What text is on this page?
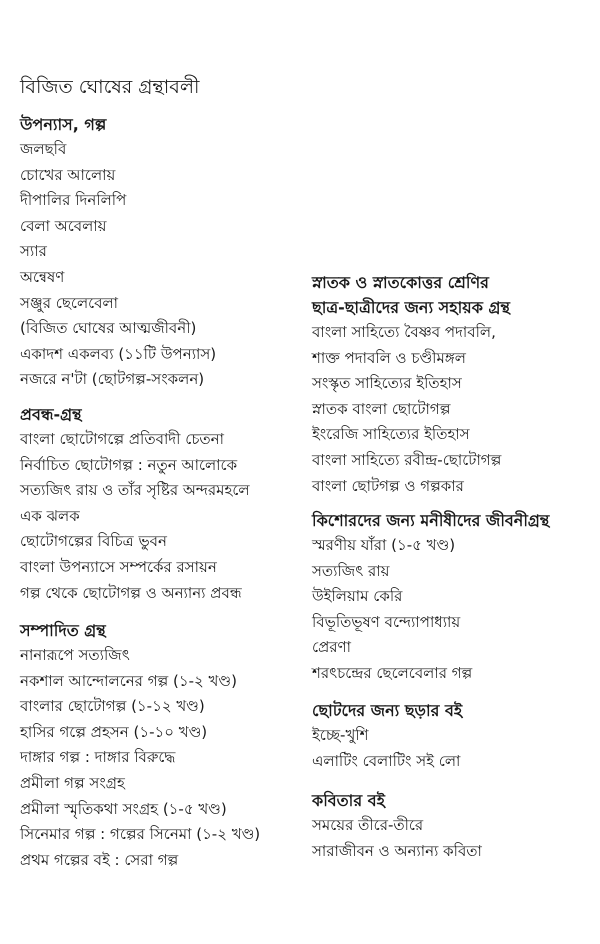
বিজিত ঘোষের গ্রন্থাবলী
উপন্যাস, গল্প
জলছবি
চোখের আলোয়
দীপালির দিনলিপি
বেলা অবেলায়
স্যার
অন্বেষণ
সঞ্জুর ছেলেবেলা
(বিজিত ঘোষের আত্মজীবনী)
একাদশ একলব্য (১১টি উপন্যাস)
নজরে ন'টা (ছোটগল্প-সংকলন)
প্রবন্ধ-গ্রন্থ
বাংলা ছোটোগল্পে প্রতিবাদী চেতনা
নির্বাচিত ছোটোগল্প : নতুন আলোকে
সত্যজিৎ রায় ও তাঁর সৃষ্টির অন্দরমহলে
এক ঝলক
ছোটোগল্পের বিচিত্র ভুবন
বাংলা উপন্যাসে সম্পর্কের রসায়ন
গল্প থেকে ছোটোগল্প ও অন্যান্য প্রবন্ধ
সম্পাদিত গ্রন্থ
নানারূপে সত্যজিৎ
নকশাল আন্দোলনের গল্প (১-২ খণ্ড)
বাংলার ছোটোগল্প (১-১২ খণ্ড)
হাসির গল্পে প্রহসন (১-১০ খণ্ড)
দাঙ্গার গল্প : দাঙ্গার বিরুদ্ধে
প্রমীলা গল্প সংগ্রহ
প্রমীলা স্মৃতিকথা সংগ্রহ (১-৫ খণ্ড)
সিনেমার গল্প : গল্পের সিনেমা (১-২ খণ্ড)
প্রথম গল্পের বই : সেরা গল্প
স্নাতক ও স্নাতকোত্তর শ্রেণির
ছাত্র-ছাত্রীদের জন্য সহায়ক গ্রন্থ
বাংলা সাহিত্যে বৈষ্ণব পদাবলি,
শাক্ত পদাবলি ও চণ্ডীমঙ্গল
সংস্কৃত সাহিত্যের ইতিহাস
স্নাতক বাংলা ছোটোগল্প
ইংরেজি সাহিত্যের ইতিহাস
বাংলা সাহিত্যে রবীন্দ্র-ছোটোগল্প
বাংলা ছোটগল্প ও গল্পকার
কিশোরদের জন্য মনীষীদের জীবনীগ্রন্থ
স্মরণীয় যাঁরা (১-৫ খণ্ড)
সত্যজিৎ রায়
উইলিয়াম কেরি
বিভূতিভূষণ বন্দ্যোপাধ্যায়
প্রেরণা
শরৎচন্দ্রের ছেলেবেলার গল্প
ছোটদের জন্য ছড়ার বই
ইচ্ছে-খুশি
এলাটিং বেলাটিং সই লো
কবিতার বই
সময়ের তীরে-তীরে
সারাজীবন ও অন্যান্য কবিতা
